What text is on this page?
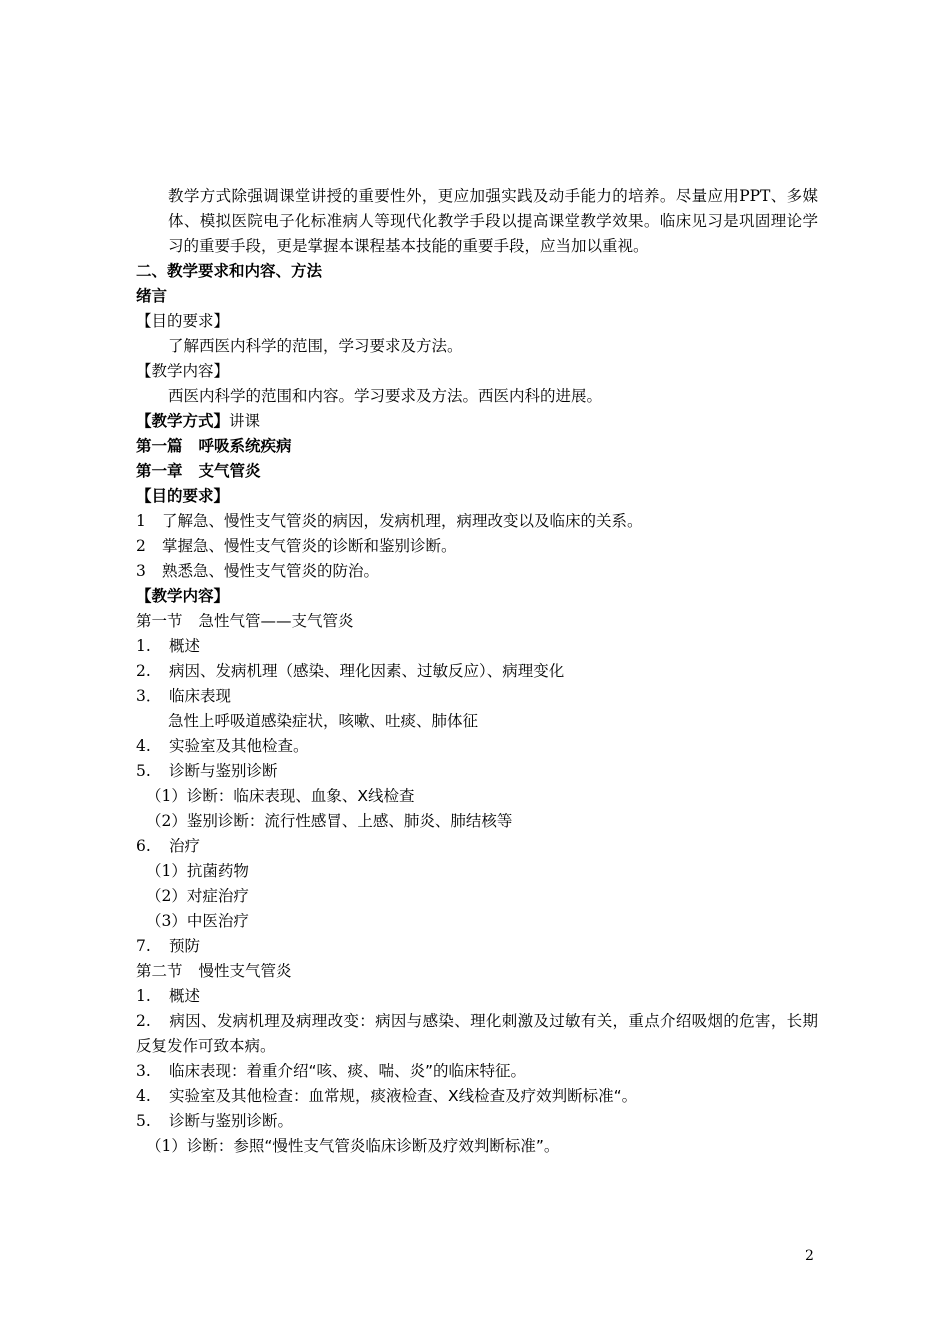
教学方式除强调课堂讲授的重要性外，更应加强实践及动手能力的培养。尽量应用PPT、多媒体、模拟医院电子化标准病人等现代化教学手段以提高课堂教学效果。临床见习是巩固理论学习的重要手段，更是掌握本课程基本技能的重要手段，应当加以重视。
二、教学要求和内容、方法
绪言
【目的要求】
了解西医内科学的范围，学习要求及方法。
【教学内容】
西医内科学的范围和内容。学习要求及方法。西医内科的进展。
【教学方式】讲课
第一篇 呼吸系统疾病
第一章 支气管炎
【目的要求】
1 了解急、慢性支气管炎的病因，发病机理，病理改变以及临床的关系。
2 掌握急、慢性支气管炎的诊断和鉴别诊断。
3 熟悉急、慢性支气管炎的防治。
【教学内容】
第一节 急性气管——支气管炎
1. 概述
2. 病因、发病机理（感染、理化因素、过敏反应）、病理变化
3． 临床表现
急性上呼吸道感染症状，咳嗽、吐痰、肺体征
4. 实验室及其他检查。
5. 诊断与鉴别诊断
（1）诊断：临床表现、血象、X线检查
（2）鉴别诊断：流行性感冒、上感、肺炎、肺结核等
6. 治疗
（1）抗菌药物
（2）对症治疗
（3）中医治疗
7. 预防
第二节 慢性支气管炎
1. 概述
2. 病因、发病机理及病理改变：病因与感染、理化刺激及过敏有关，重点介绍吸烟的危害，长期反复发作可致本病。
3. 临床表现：着重介绍“咳、痰、喘、炎”的临床特征。
4. 实验室及其他检查：血常规，痰液检查、X线检查及疗效判断标准“。
5. 诊断与鉴别诊断。
（1）诊断：参照“慢性支气管炎临床诊断及疗效判断标准”。
2
